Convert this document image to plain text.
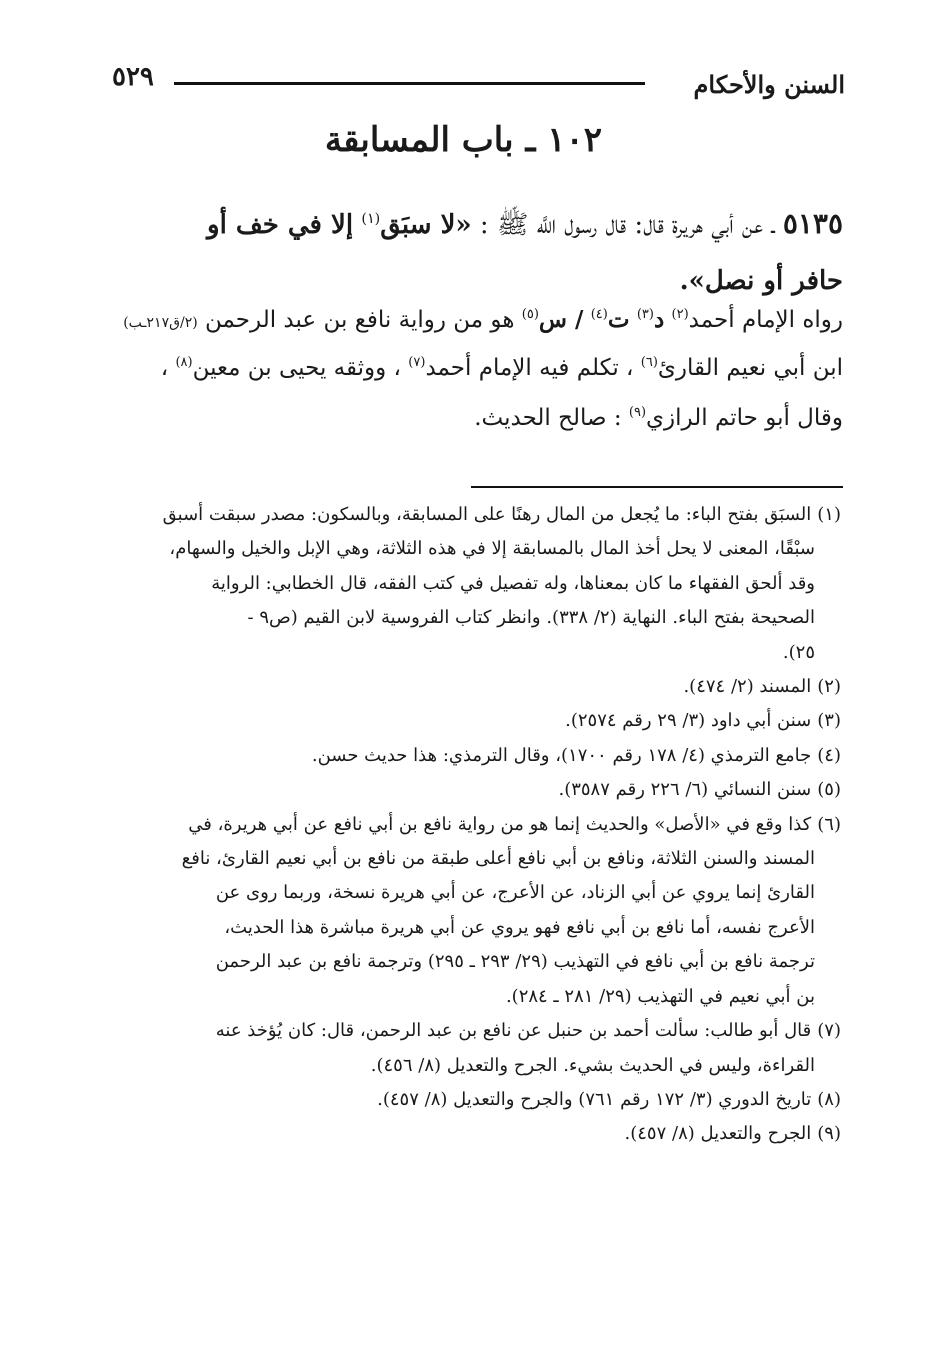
السنن والأحكام
٥٢٩
١٠٢ ـ باب المسابقة
٥١٣٥ ـ عن أبي هريرة قال: قال رسول اللَّه ﷺ : «لا سبَق$^{(١)}$ إلا في خف أو
حافر أو نصل».
رواه الإمام أحمد$^{(٢)}$ د$^{(٣)}$ ت$^{(٤)}$ / س$^{(٥)}$ هو من رواية نافع بن عبد الرحمن (٢/ق٢١٧ـب)
ابن أبي نعيم القارئ$^{(٦)}$ ، تكلم فيه الإمام أحمد$^{(٧)}$ ، ووثقه يحيى بن معين$^{(٨)}$ ،
وقال أبو حاتم الرازي$^{(٩)}$ : صالح الحديث.
(١)السبَق بفتح الباء: ما يُجعل من المال رهنًا على المسابقة، وبالسكون: مصدر سبقت أسبق
سبْقًا، المعنى لا يحل أخذ المال بالمسابقة إلا في هذه الثلاثة، وهي الإبل والخيل والسهام،
وقد ألحق الفقهاء ما كان بمعناها، وله تفصيل في كتب الفقه، قال الخطابي: الرواية
الصحيحة بفتح الباء. النهاية (٢/ ٣٣٨). وانظر كتاب الفروسية لابن القيم (ص٩ -
٢٥).
(٢)المسند (٢/ ٤٧٤).
(٣)سنن أبي داود (٣/ ٢٩ رقم ٢٥٧٤).
(٤)جامع الترمذي (٤/ ١٧٨ رقم ١٧٠٠)، وقال الترمذي: هذا حديث حسن.
(٥)سنن النسائي (٦/ ٢٢٦ رقم ٣٥٨٧).
(٦)كذا وقع في «الأصل» والحديث إنما هو من رواية نافع بن أبي نافع عن أبي هريرة، في
المسند والسنن الثلاثة، ونافع بن أبي نافع أعلى طبقة من نافع بن أبي نعيم القارئ، نافع
القارئ إنما يروي عن أبي الزناد، عن الأعرج، عن أبي هريرة نسخة، وربما روى عن
الأعرج نفسه، أما نافع بن أبي نافع فهو يروي عن أبي هريرة مباشرة هذا الحديث،
ترجمة نافع بن أبي نافع في التهذيب (٢٩/ ٢٩٣ ـ ٢٩٥) وترجمة نافع بن عبد الرحمن
بن أبي نعيم في التهذيب (٢٩/ ٢٨١ ـ ٢٨٤).
(٧)قال أبو طالب: سألت أحمد بن حنبل عن نافع بن عبد الرحمن، قال: كان يُؤخذ عنه
القراءة، وليس في الحديث بشيء. الجرح والتعديل (٨/ ٤٥٦).
(٨)تاريخ الدوري (٣/ ١٧٢ رقم ٧٦١) والجرح والتعديل (٨/ ٤٥٧).
(٩)الجرح والتعديل (٨/ ٤٥٧).
